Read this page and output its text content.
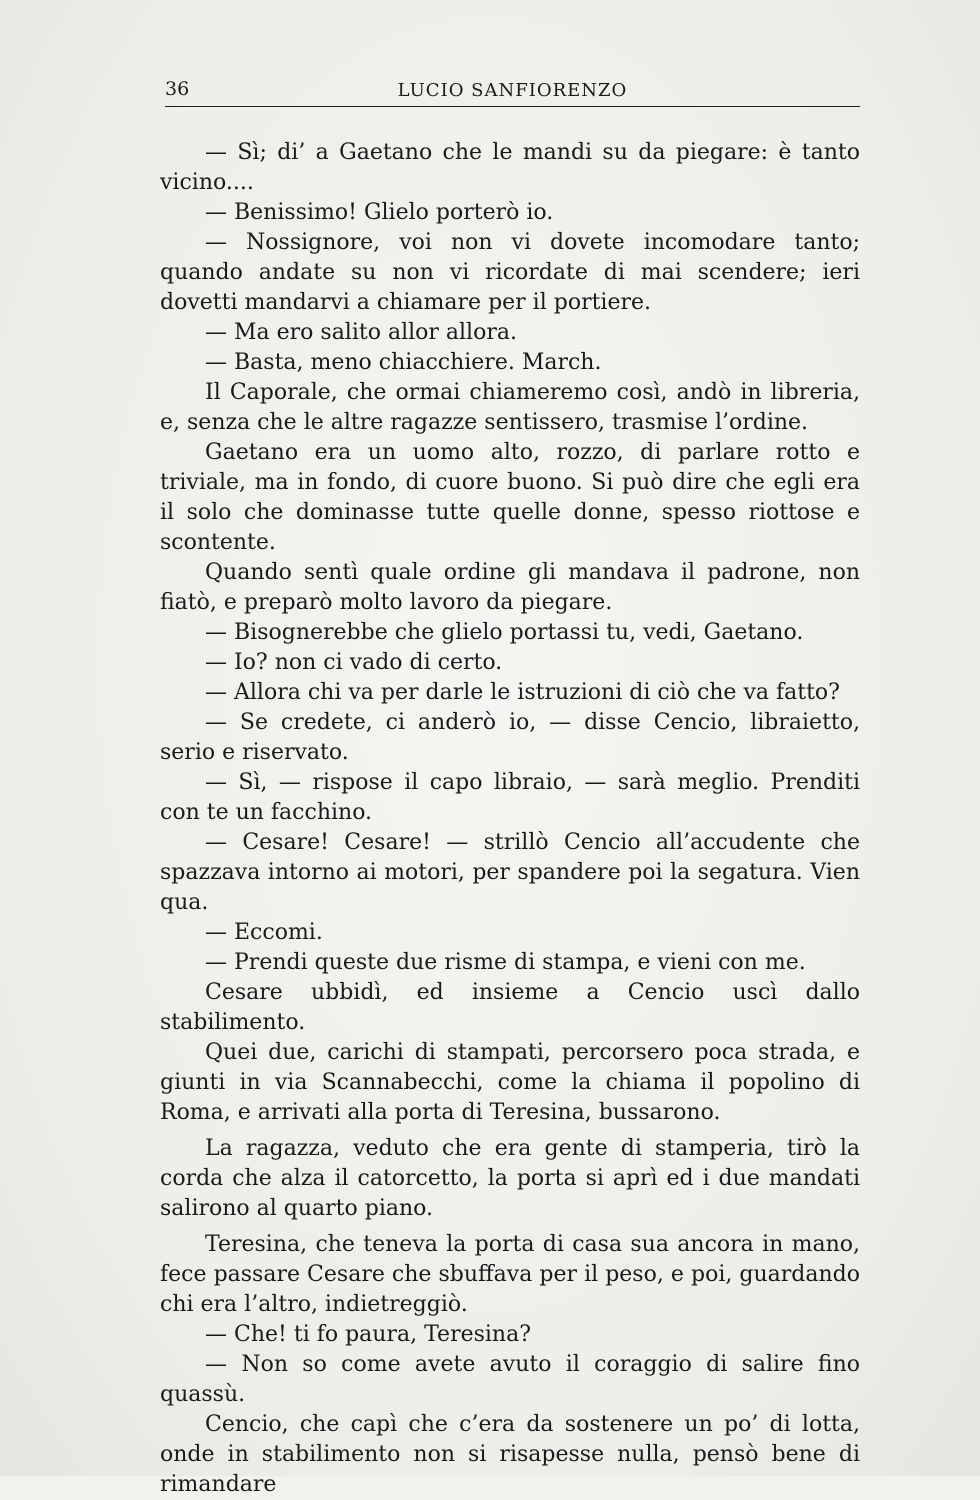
36	LUCIO SANFIORENZO

— Sì; di’ a Gaetano che le mandi su da piegare: è tanto vicino....

— Benissimo! Glielo porterò io.

— Nossignore, voi non vi dovete incomodare tanto; quando andate su non vi ricordate di mai scendere; ieri dovetti mandarvi a chiamare per il portiere.

— Ma ero salito allor allora.

— Basta, meno chiacchiere. March.

Il Caporale, che ormai chiameremo così, andò in libreria, e, senza che le altre ragazze sentissero, trasmise l’ordine.

Gaetano era un uomo alto, rozzo, di parlare rotto e triviale, ma in fondo, di cuore buono. Si può dire che egli era il solo che dominasse tutte quelle donne, spesso riottose e scontente.

Quando sentì quale ordine gli mandava il padrone, non fiatò, e preparò molto lavoro da piegare.

— Bisognerebbe che glielo portassi tu, vedi, Gaetano.

— Io? non ci vado di certo.

— Allora chi va per darle le istruzioni di ciò che va fatto?

— Se credete, ci anderò io, — disse Cencio, libraietto, serio e riservato.

— Sì, — rispose il capo libraio, — sarà meglio. Prenditi con te un facchino.

— Cesare! Cesare! — strillò Cencio all’accudente che spazzava intorno ai motori, per spandere poi la segatura. Vien qua.

— Eccomi.

— Prendi queste due risme di stampa, e vieni con me.

Cesare ubbidì, ed insieme a Cencio uscì dallo stabilimento.

Quei due, carichi di stampati, percorsero poca strada, e giunti in via Scannabecchi, come la chiama il popolino di Roma, e arrivati alla porta di Teresina, bussarono.

La ragazza, veduto che era gente di stamperia, tirò la corda che alza il catorcetto, la porta si aprì ed i due mandati salirono al quarto piano.

Teresina, che teneva la porta di casa sua ancora in mano, fece passare Cesare che sbuffava per il peso, e poi, guardando chi era l’altro, indietreggiò.

— Che! ti fo paura, Teresina?

— Non so come avete avuto il coraggio di salire fino quassù.

Cencio, che capì che c’era da sostenere un po’ di lotta, onde in stabilimento non si risapesse nulla, pensò bene di rimandare
